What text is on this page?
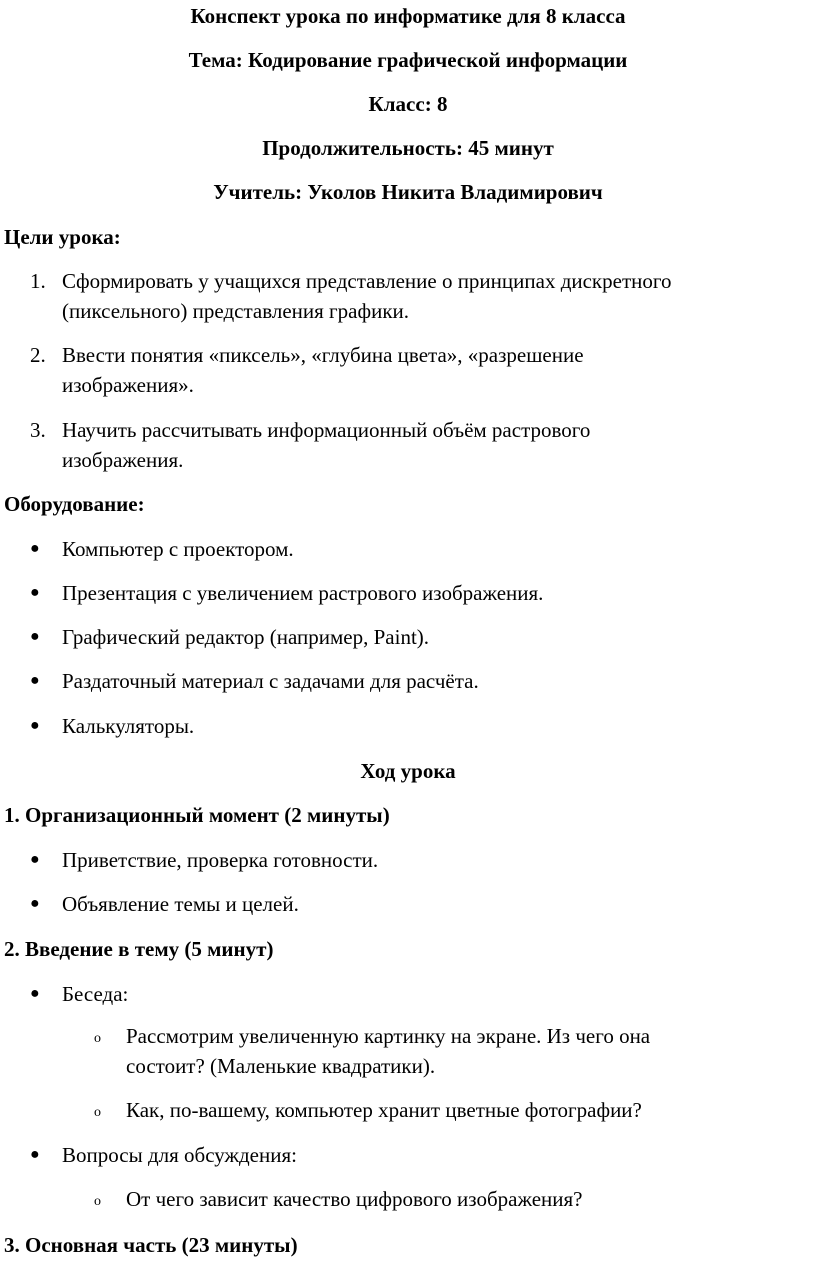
Конспект урока по информатике для 8 класса
Тема: Кодирование графической информации
Класс: 8
Продолжительность: 45 минут
Учитель: Уколов Никита Владимирович
Цели урока:
1. Сформировать у учащихся представление о принципах дискретного
(пиксельного) представления графики.
2. Ввести понятия «пиксель», «глубина цвета», «разрешение
изображения».
3. Научить рассчитывать информационный объём растрового
изображения.
Оборудование:
● Компьютер с проектором.
● Презентация с увеличением растрового изображения.
● Графический редактор (например, Paint).
● Раздаточный материал с задачами для расчёта.
● Калькуляторы.
Ход урока
1. Организационный момент (2 минуты)
● Приветствие, проверка готовности.
● Объявление темы и целей.
2. Введение в тему (5 минут)
● Беседа:
o Рассмотрим увеличенную картинку на экране. Из чего она
состоит? (Маленькие квадратики).
o Как, по-вашему, компьютер хранит цветные фотографии?
● Вопросы для обсуждения:
o От чего зависит качество цифрового изображения?
3. Основная часть (23 минуты)
